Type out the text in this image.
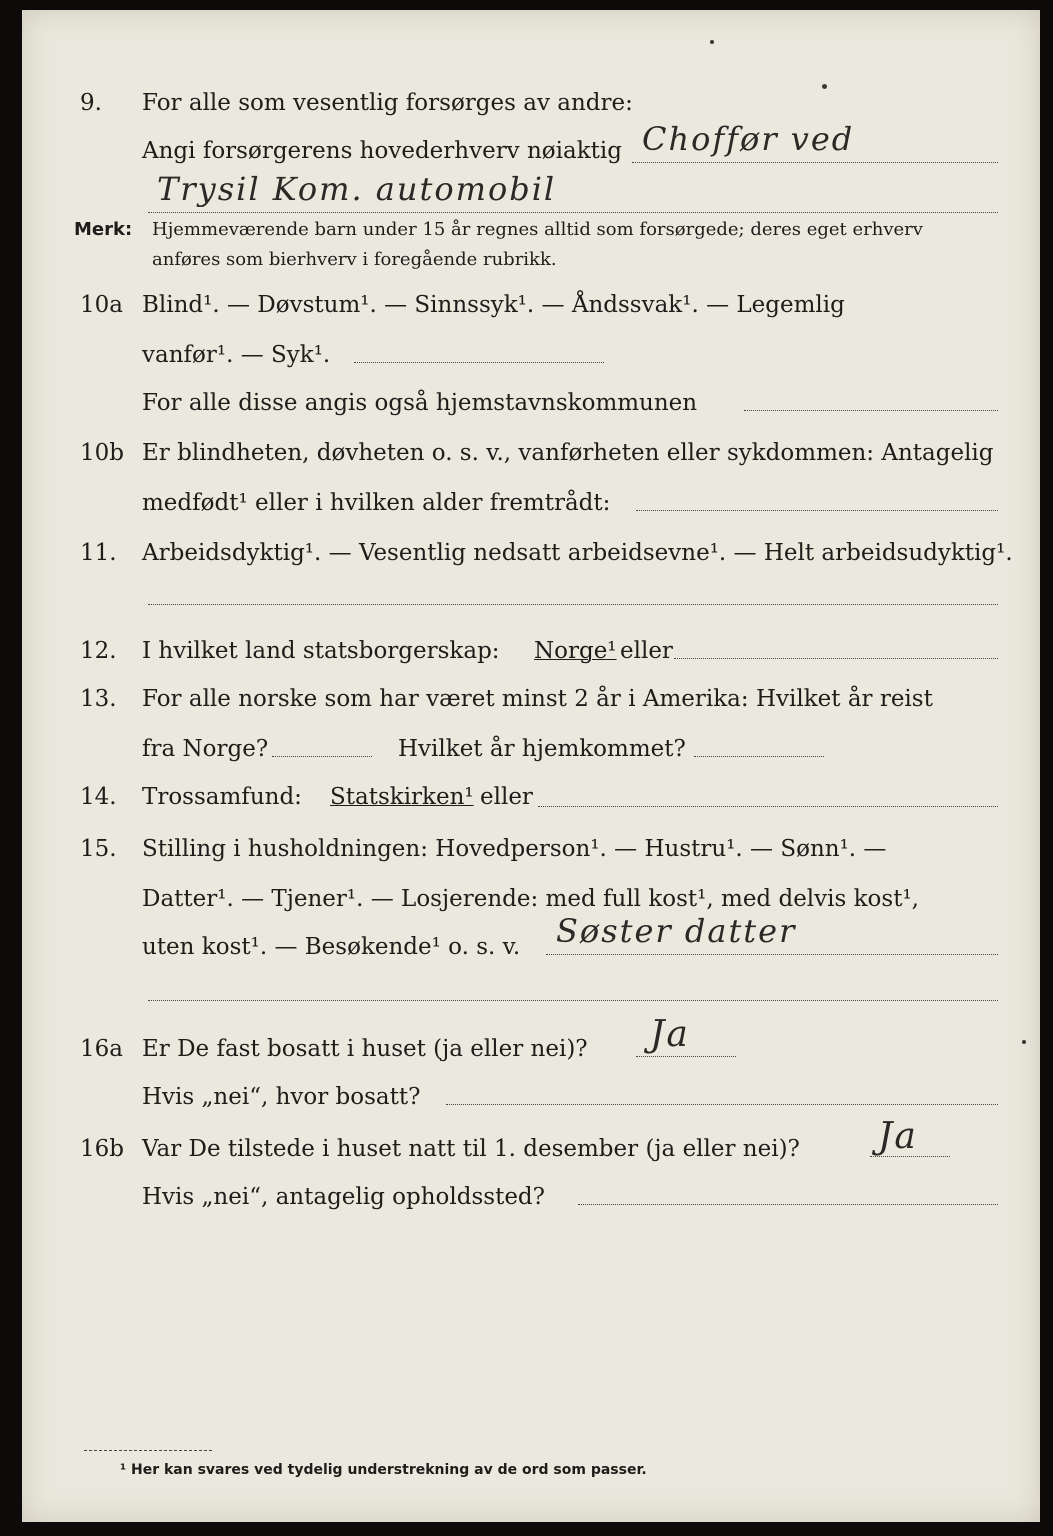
9. For alle som vesentlig forsørges av andre:
Angi forsørgerens hovederhverv nøiaktig Choffør ved
Trysil Kom. automobil
Merk: Hjemmeværende barn under 15 år regnes alltid som forsørgede; deres eget erhverv
anføres som bierhverv i foregående rubrikk.
10a Blind¹. — Døvstum¹. — Sinnssyk¹. — Åndssvak¹. — Legemlig
vanfør¹. — Syk¹.
For alle disse angis også hjemstavnskommunen
10b Er blindheten, døvheten o. s. v., vanførheten eller sykdommen: Antagelig
medfødt¹ eller i hvilken alder fremtrådt:
11. Arbeidsdyktig¹. — Vesentlig nedsatt arbeidsevne¹. — Helt arbeidsudyktig¹.
12. I hvilket land statsborgerskap: Norge¹ eller
13. For alle norske som har været minst 2 år i Amerika: Hvilket år reist
fra Norge?	Hvilket år hjemkommet?
14. Trossamfund: Statskirken¹ eller
15. Stilling i husholdningen: Hovedperson¹. — Hustru¹. — Sønn¹. —
Datter¹. — Tjener¹. — Losjerende: med full kost¹, med delvis kost¹,
uten kost¹. — Besøkende¹ o. s. v. Søster datter
16a Er De fast bosatt i huset (ja eller nei)? Ja
Hvis „nei“, hvor bosatt?
16b Var De tilstede i huset natt til 1. desember (ja eller nei)? Ja
Hvis „nei“, antagelig opholdssted?
¹ Her kan svares ved tydelig understrekning av de ord som passer.
